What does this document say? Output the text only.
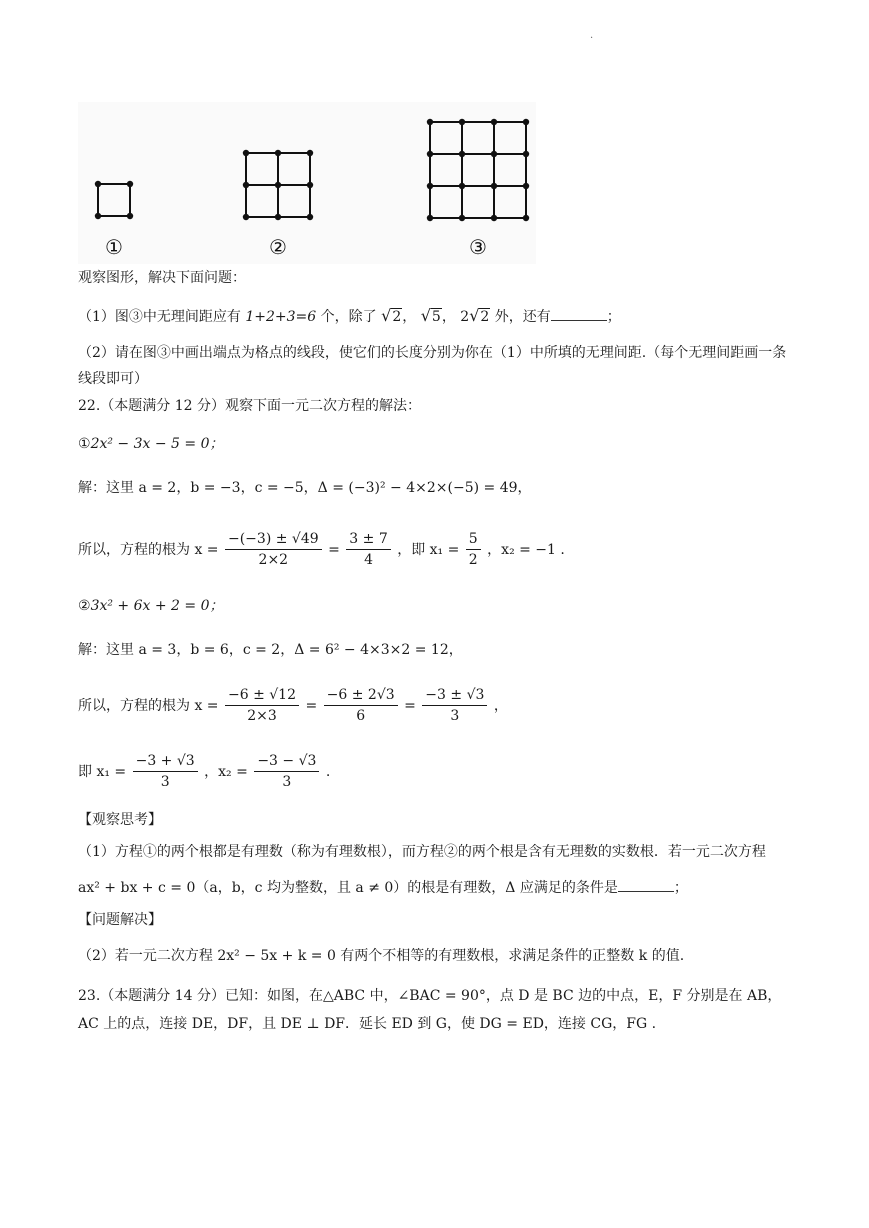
.
①	②	③
观察图形，解决下面问题：
（1）图③中无理间距应有 1+2+3=6 个，除了 √2， √5， 2√2 外，还有	；
（2）请在图③中画出端点为格点的线段，使它们的长度分别为你在（1）中所填的无理间距.（每个无理间距画一条线段即可）
22.（本题满分 12 分）观察下面一元二次方程的解法：
①2x² − 3x − 5 = 0；
解：这里 a = 2，b = −3，c = −5，Δ = (−3)² − 4×2×(−5) = 49，
所以，方程的根为 $x = \frac{-(-3) \pm √49}{2\times 2} = \frac{3 \pm 7}{4}$ ，即 $x_1 = \frac{5}{2}$ ，x₂ = −1 .
②3x² + 6x + 2 = 0；
解：这里 a = 3，b = 6，c = 2，Δ = 6² − 4×3×2 = 12，
所以，方程的根为 $x = \frac{-6 \pm √12}{2\times 3} = \frac{-6 \pm 2√3}{6} = \frac{-3 \pm √3}{3}$ ，
即 $x_1 = \frac{-3 + √3}{3}$ ，$x_2 = \frac{-3 - √3}{3}$ .
【观察思考】
（1）方程①的两个根都是有理数（称为有理数根），而方程②的两个根是含有无理数的实数根．若一元二次方程 ax² + bx + c = 0（a，b，c 均为整数，且 a ≠ 0）的根是有理数，Δ 应满足的条件是	；
【问题解决】
（2）若一元二次方程 2x² − 5x + k = 0 有两个不相等的有理数根，求满足条件的正整数 k 的值.
23.（本题满分 14 分）已知：如图，在△ABC 中，∠BAC = 90°，点 D 是 BC 边的中点，E，F 分别是在 AB，AC 上的点，连接 DE，DF，且 DE ⊥ DF．延长 ED 到 G，使 DG = ED，连接 CG，FG .
